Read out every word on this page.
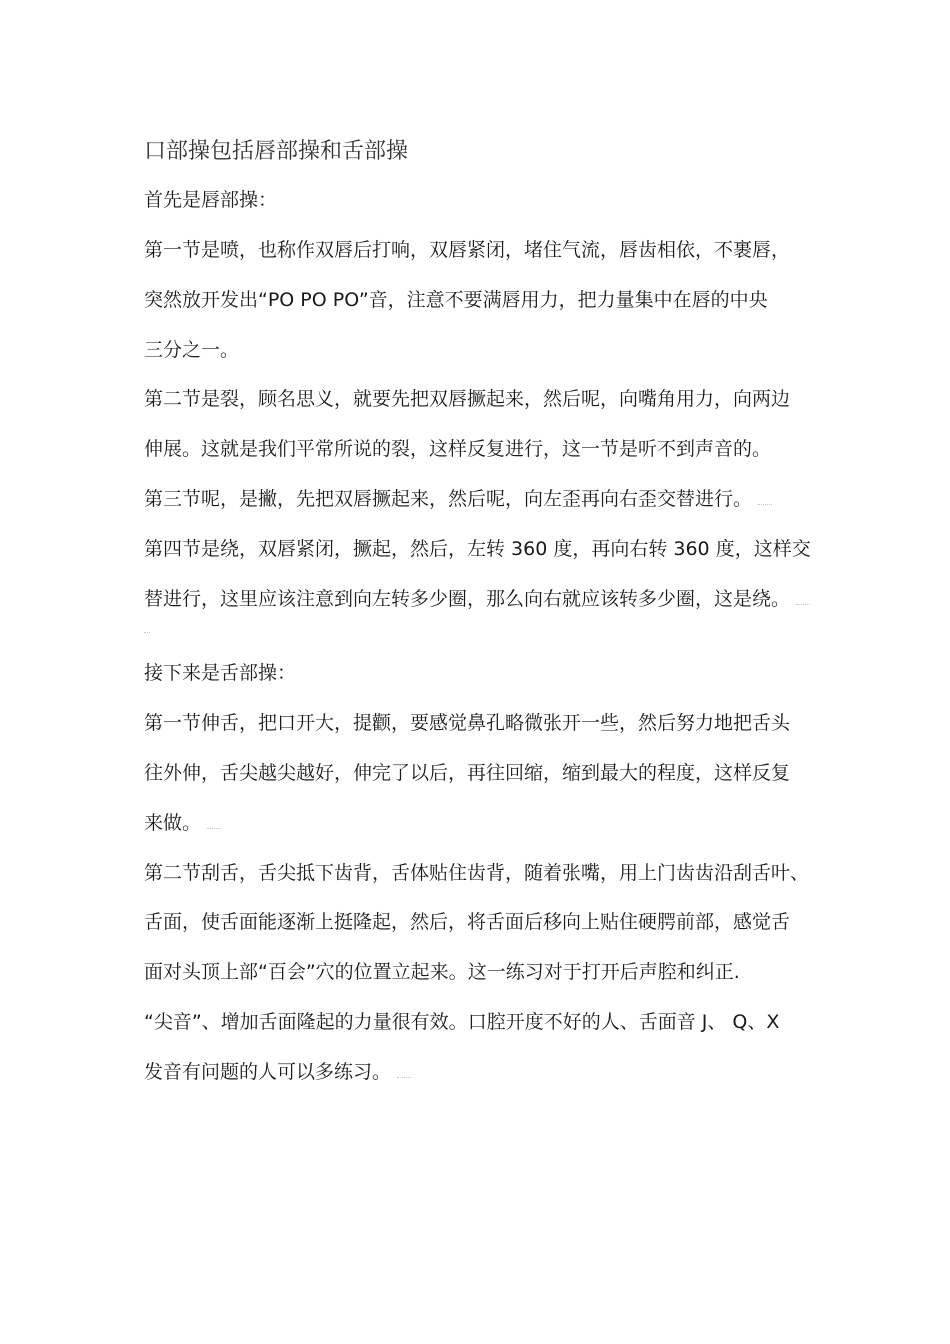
口部操包括唇部操和舌部操
首先是唇部操：
第一节是喷，也称作双唇后打响，双唇紧闭，堵住气流，唇齿相依，不裹唇，
突然放开发出“PO PO PO”音，注意不要满唇用力，把力量集中在唇的中央
三分之一。
第二节是裂，顾名思义，就要先把双唇撅起来，然后呢，向嘴角用力，向两边
伸展。这就是我们平常所说的裂，这样反复进行，这一节是听不到声音的。
第三节呢，是撇，先把双唇撅起来，然后呢，向左歪再向右歪交替进行。
第四节是绕，双唇紧闭，撅起，然后，左转 360 度，再向右转 360 度，这样交
替进行，这里应该注意到向左转多少圈，那么向右就应该转多少圈，这是绕。
接下来是舌部操：
第一节伸舌，把口开大，提颧，要感觉鼻孔略微张开一些，然后努力地把舌头
往外伸，舌尖越尖越好，伸完了以后，再往回缩，缩到最大的程度，这样反复
来做。
第二节刮舌，舌尖抵下齿背，舌体贴住齿背，随着张嘴，用上门齿齿沿刮舌叶、
舌面，使舌面能逐渐上挺隆起，然后，将舌面后移向上贴住硬腭前部，感觉舌
面对头顶上部“百会”穴的位置立起来。这一练习对于打开后声腔和纠正.
“尖音”、增加舌面隆起的力量很有效。口腔开度不好的人、舌面音 J、 Q、X
发音有问题的人可以多练习。
